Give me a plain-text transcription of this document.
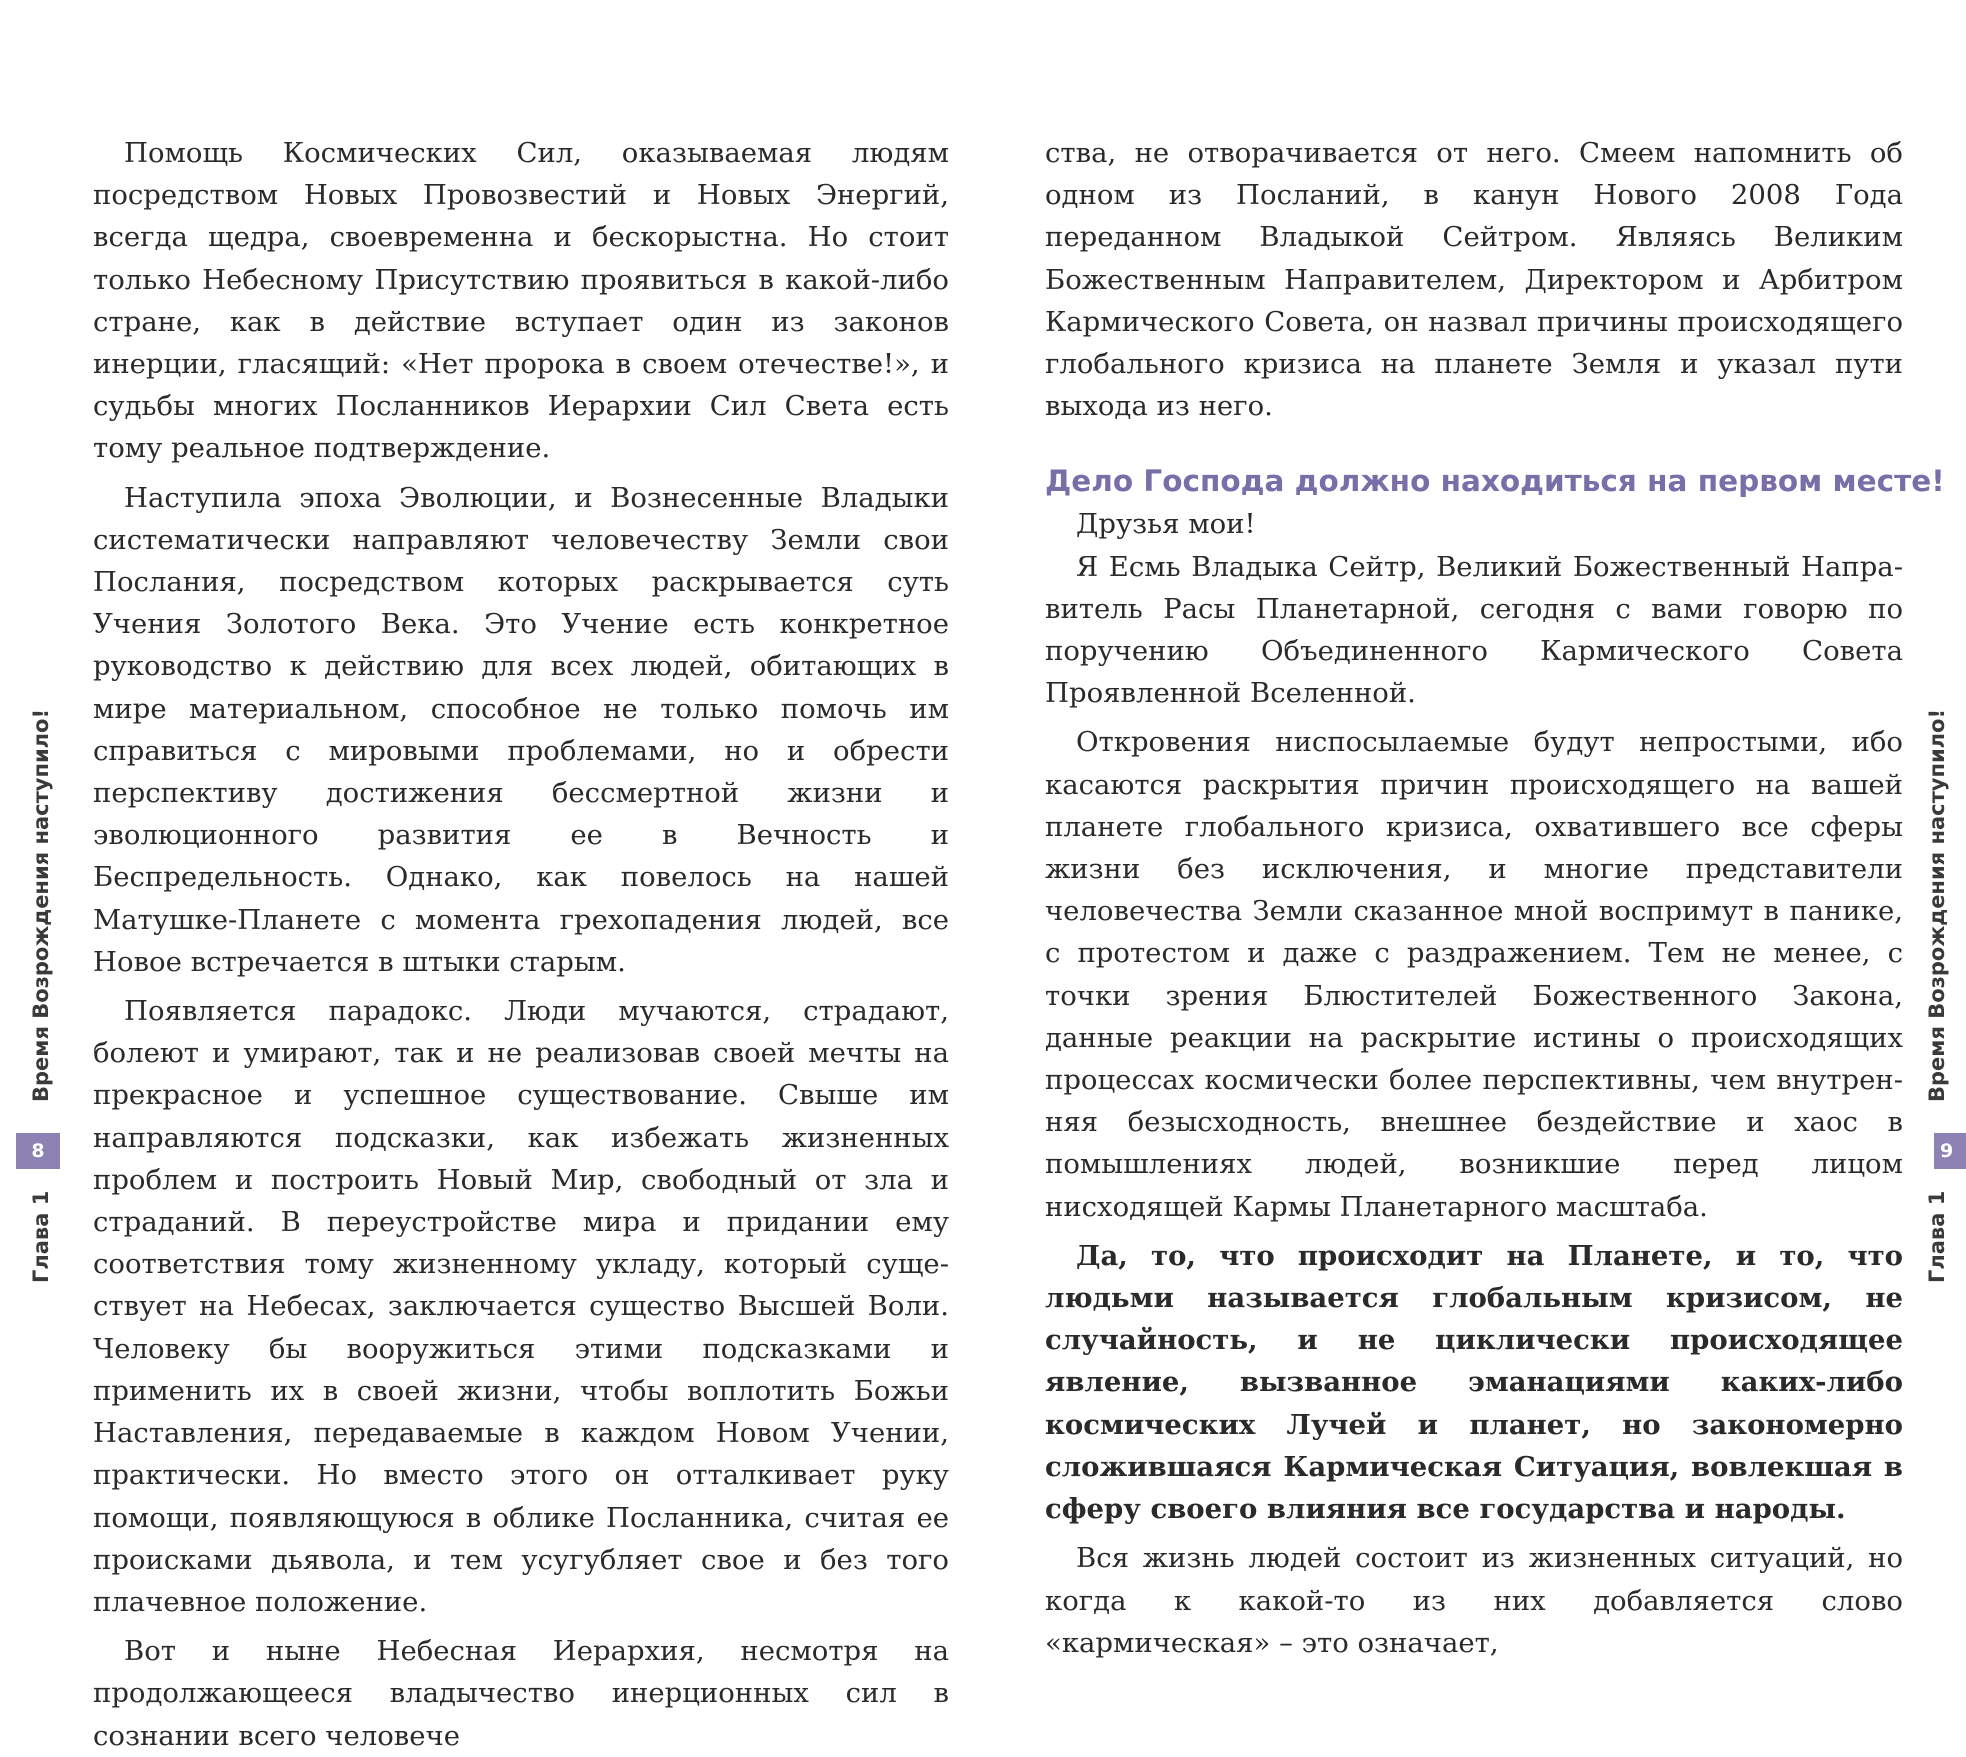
Время Возрождения наступило!
8
Глава 1

Помощь Космических Сил, оказываемая людям посредством Новых Провозвестий и Новых Энергий, всегда щедра, своевременна и бескорыстна. Но стоит только Небесному Присутствию проявиться в какой-либо стране, как в действие вступает один из законов инерции, гласящий: «Нет пророка в своем отечестве!», и судьбы многих Посланников Иерархии Сил Света есть тому реальное подтверждение.

Наступила эпоха Эволюции, и Вознесенные Владыки систематически направляют человечеству Земли свои Послания, посредством которых раскрывается суть Учения Золотого Века. Это Учение есть конкретное руководство к действию для всех людей, обитающих в мире материальном, способное не только помочь им справиться с мировыми проблемами, но и обрести перспективу достижения бессмертной жизни и эволюционного развития ее в Вечность и Беспредельность. Однако, как повелось на нашей Матушке-Планете с момента грехопадения людей, все Новое встречается в штыки старым.

Появляется парадокс. Люди мучаются, страдают, болеют и умирают, так и не реализовав своей мечты на прекрасное и успешное существование. Свыше им направляются подсказки, как избежать жизненных проблем и построить Новый Мир, свободный от зла и страданий. В переустройстве мира и придании ему соответствия тому жизненному укладу, который существует на Небесах, заключается существо Высшей Воли. Человеку бы вооружиться этими подсказками и применить их в своей жизни, чтобы воплотить Божьи Наставления, передаваемые в каждом Новом Учении, практически. Но вместо этого он отталкивает руку помощи, появляющуюся в облике Посланника, считая ее происками дьявола, и тем усугубляет свое и без того плачевное положение.

Вот и ныне Небесная Иерархия, несмотря на продолжающееся владычество инерционных сил в сознании всего человече

ства, не отворачивается от него. Смеем напомнить об одном из Посланий, в канун Нового 2008 Года переданном Владыкой Сейтром. Являясь Великим Божественным Направителем, Директором и Арбитром Кармического Совета, он назвал причины происходящего глобального кризиса на планете Земля и указал пути выхода из него.

Дело Господа должно находиться на первом месте!

Друзья мои!

Я Есмь Владыка Сейтр, Великий Божественный Направитель Расы Планетарной, сегодня с вами говорю по поручению Объединенного Кармического Совета Проявленной Вселенной.

Откровения ниспосылаемые будут непростыми, ибо касаются раскрытия причин происходящего на вашей планете глобального кризиса, охватившего все сферы жизни без исключения, и многие представители человечества Земли сказанное мной воспримут в панике, с протестом и даже с раздражением. Тем не менее, с точки зрения Блюстителей Божественного Закона, данные реакции на раскрытие истины о происходящих процессах космически более перспективны, чем внутренняя безысходность, внешнее бездействие и хаос в помышлениях людей, возникшие перед лицом нисходящей Кармы Планетарного масштаба.

Да, то, что происходит на Планете, и то, что людьми называется глобальным кризисом, не случайность, и не циклически происходящее явление, вызванное эманациями каких-либо космических Лучей и планет, но закономерно сложившаяся Кармическая Ситуация, вовлекшая в сферу своего влияния все государства и народы.

Вся жизнь людей состоит из жизненных ситуаций, но когда к какой-то из них добавляется слово «кармическая» – это означает,

Время Возрождения наступило!
9
Глава 1
